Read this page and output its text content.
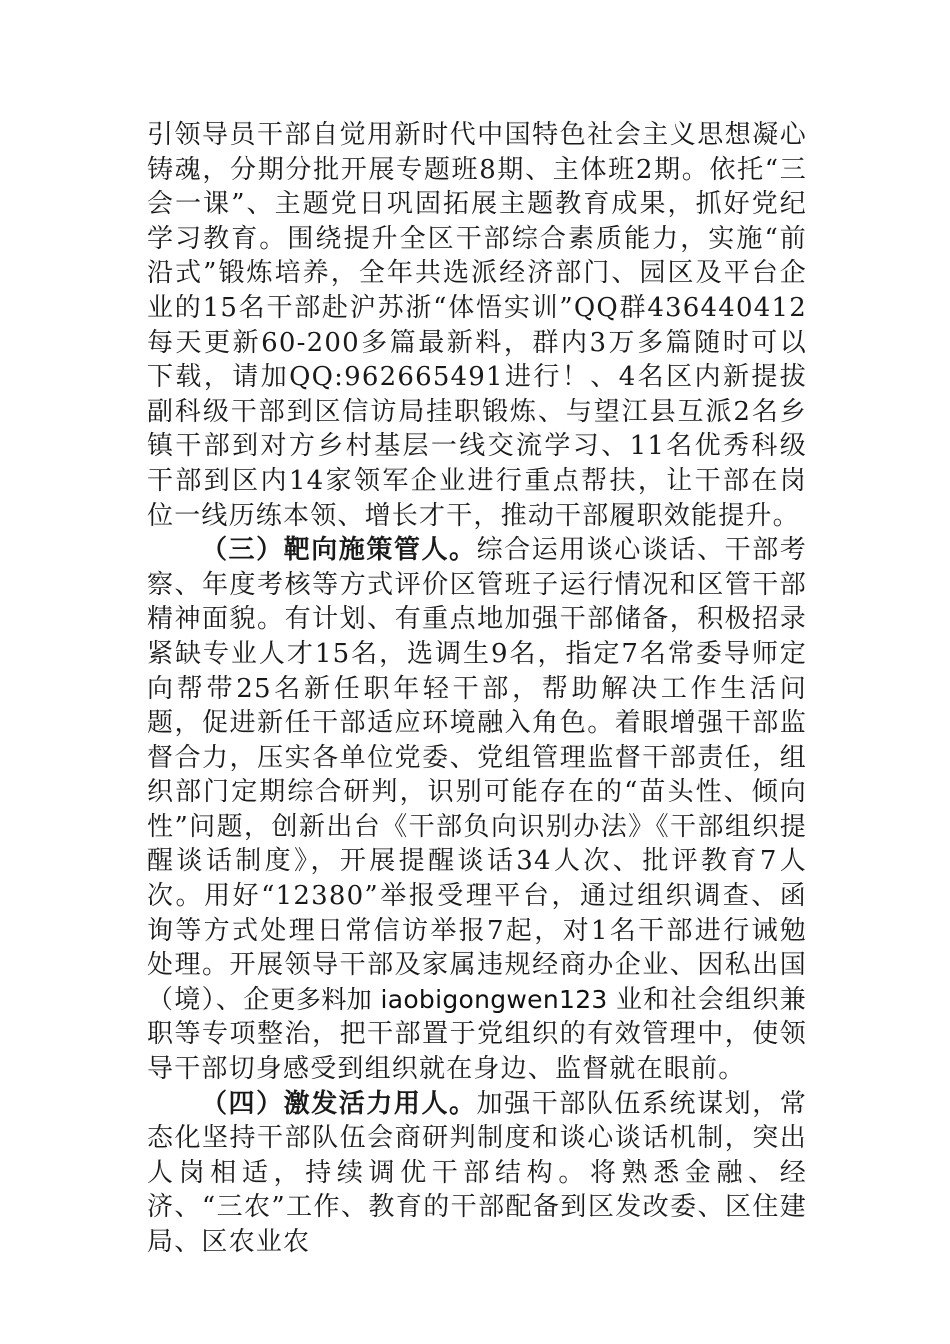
引领导员干部自觉用新时代中国特色社会主义思想凝心铸魂，分期分批开展专题班8期、主体班2期。依托“三会一课”、主题党日巩固拓展主题教育成果，抓好党纪学习教育。围绕提升全区干部综合素质能力，实施“前沿式”锻炼培养，全年共选派经济部门、园区及平台企业的15名干部赴沪苏浙“体悟实训”QQ群436440412每天更新60-200多篇最新料，群内3万多篇随时可以下载，请加QQ:962665491进行！、4名区内新提拔副科级干部到区信访局挂职锻炼、与望江县互派2名乡镇干部到对方乡村基层一线交流学习、11名优秀科级干部到区内14家领军企业进行重点帮扶，让干部在岗位一线历练本领、增长才干，推动干部履职效能提升。

（三）靶向施策管人。综合运用谈心谈话、干部考察、年度考核等方式评价区管班子运行情况和区管干部精神面貌。有计划、有重点地加强干部储备，积极招录紧缺专业人才15名，选调生9名，指定7名常委导师定向帮带25名新任职年轻干部，帮助解决工作生活问题，促进新任干部适应环境融入角色。着眼增强干部监督合力，压实各单位党委、党组管理监督干部责任，组织部门定期综合研判，识别可能存在的“苗头性、倾向性”问题，创新出台《干部负向识别办法》《干部组织提醒谈话制度》，开展提醒谈话34人次、批评教育7人次。用好“12380”举报受理平台，通过组织调查、函询等方式处理日常信访举报7起，对1名干部进行诫勉处理。开展领导干部及家属违规经商办企业、因私出国（境）、企更多料加 iaobigongwen123 业和社会组织兼职等专项整治，把干部置于党组织的有效管理中，使领导干部切身感受到组织就在身边、监督就在眼前。

（四）激发活力用人。加强干部队伍系统谋划，常态化坚持干部队伍会商研判制度和谈心谈话机制，突出人岗相适，持续调优干部结构。将熟悉金融、经济、“三农”工作、教育的干部配备到区发改委、区住建局、区农业农
